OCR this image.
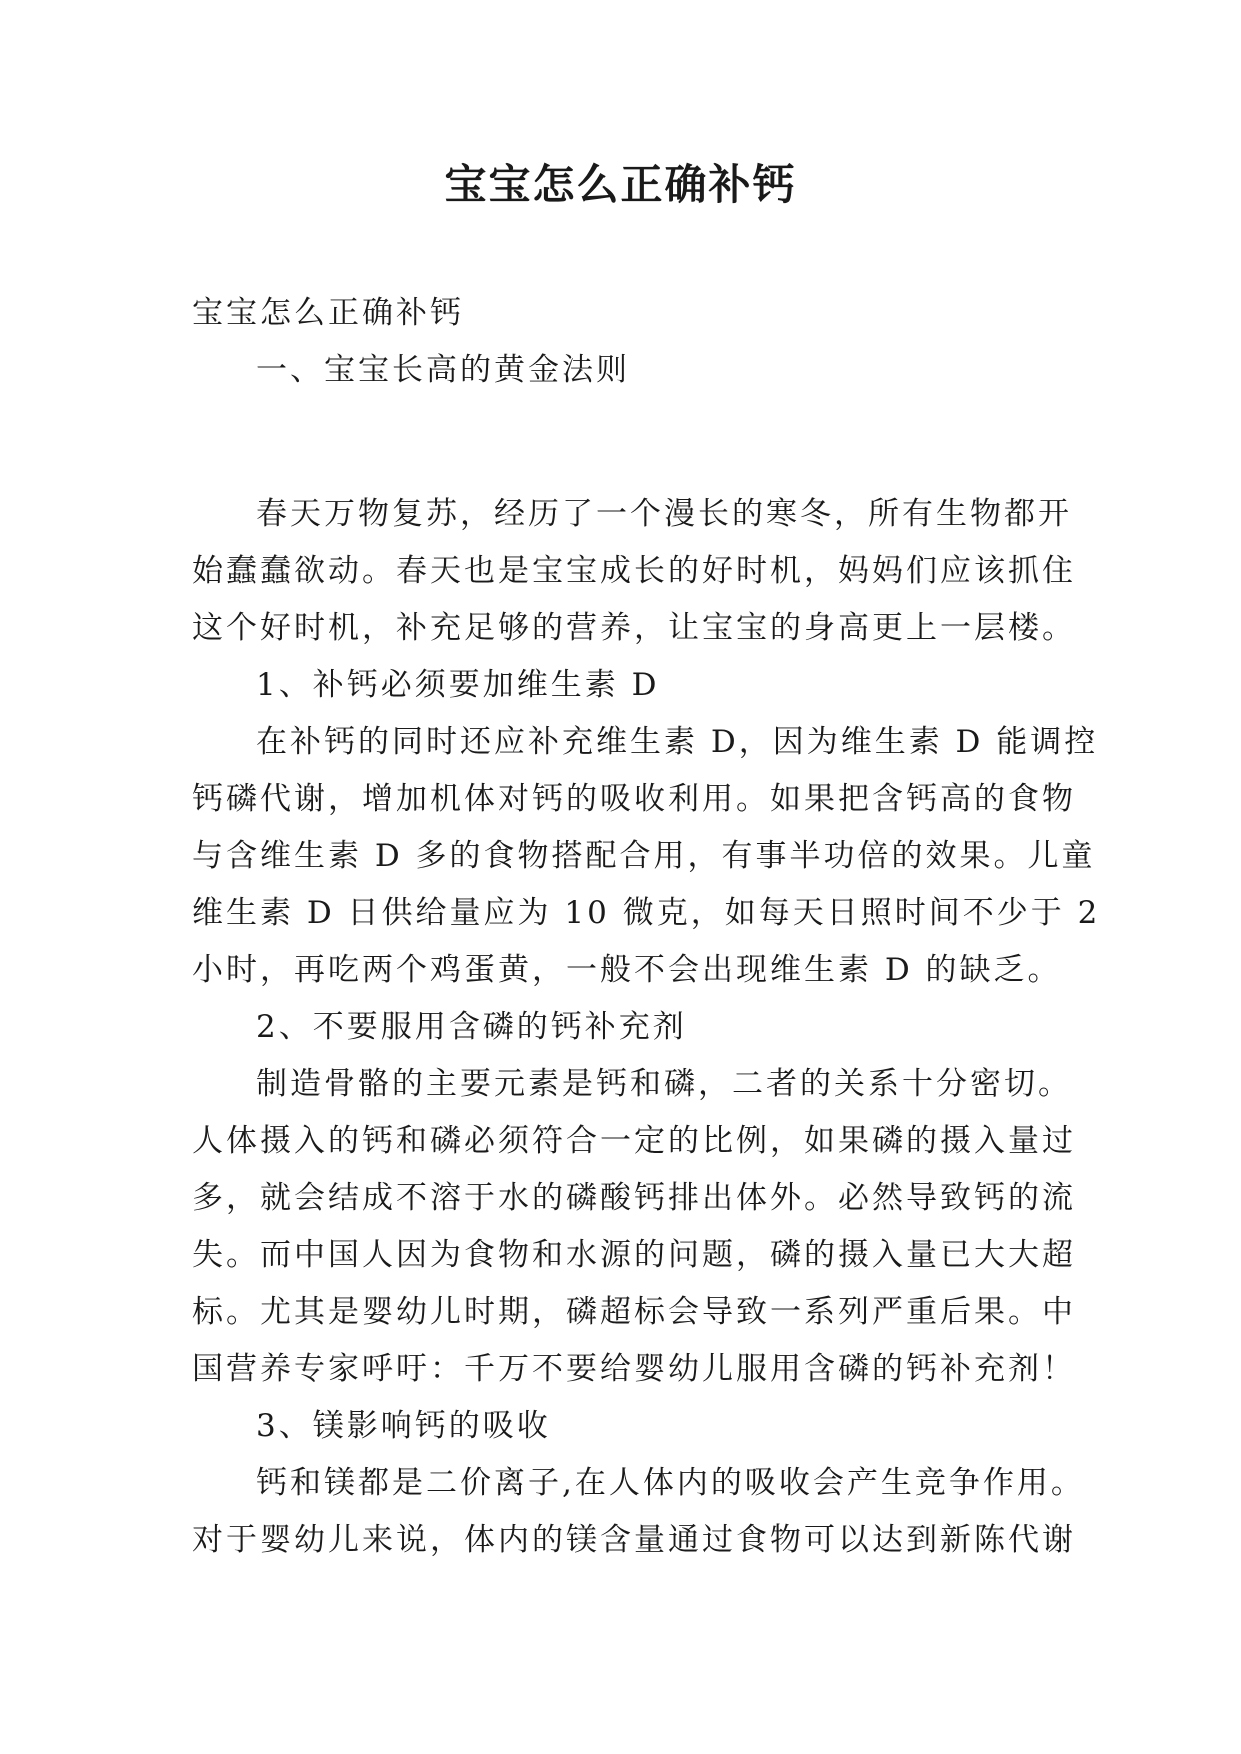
宝宝怎么正确补钙

宝宝怎么正确补钙

一、宝宝长高的黄金法则

春天万物复苏，经历了一个漫长的寒冬，所有生物都开

始蠢蠢欲动。春天也是宝宝成长的好时机，妈妈们应该抓住

这个好时机，补充足够的营养，让宝宝的身高更上一层楼。

1、补钙必须要加维生素 D

在补钙的同时还应补充维生素 D，因为维生素 D 能调控

钙磷代谢，增加机体对钙的吸收利用。如果把含钙高的食物

与含维生素 D 多的食物搭配合用，有事半功倍的效果。儿童

维生素 D 日供给量应为 10 微克，如每天日照时间不少于 2

小时，再吃两个鸡蛋黄，一般不会出现维生素 D 的缺乏。

2、不要服用含磷的钙补充剂

制造骨骼的主要元素是钙和磷，二者的关系十分密切。

人体摄入的钙和磷必须符合一定的比例，如果磷的摄入量过

多，就会结成不溶于水的磷酸钙排出体外。必然导致钙的流

失。而中国人因为食物和水源的问题，磷的摄入量已大大超

标。尤其是婴幼儿时期，磷超标会导致一系列严重后果。中

国营养专家呼吁：千万不要给婴幼儿服用含磷的钙补充剂！

3、镁影响钙的吸收

钙和镁都是二价离子,在人体内的吸收会产生竞争作用。

对于婴幼儿来说，体内的镁含量通过食物可以达到新陈代谢
